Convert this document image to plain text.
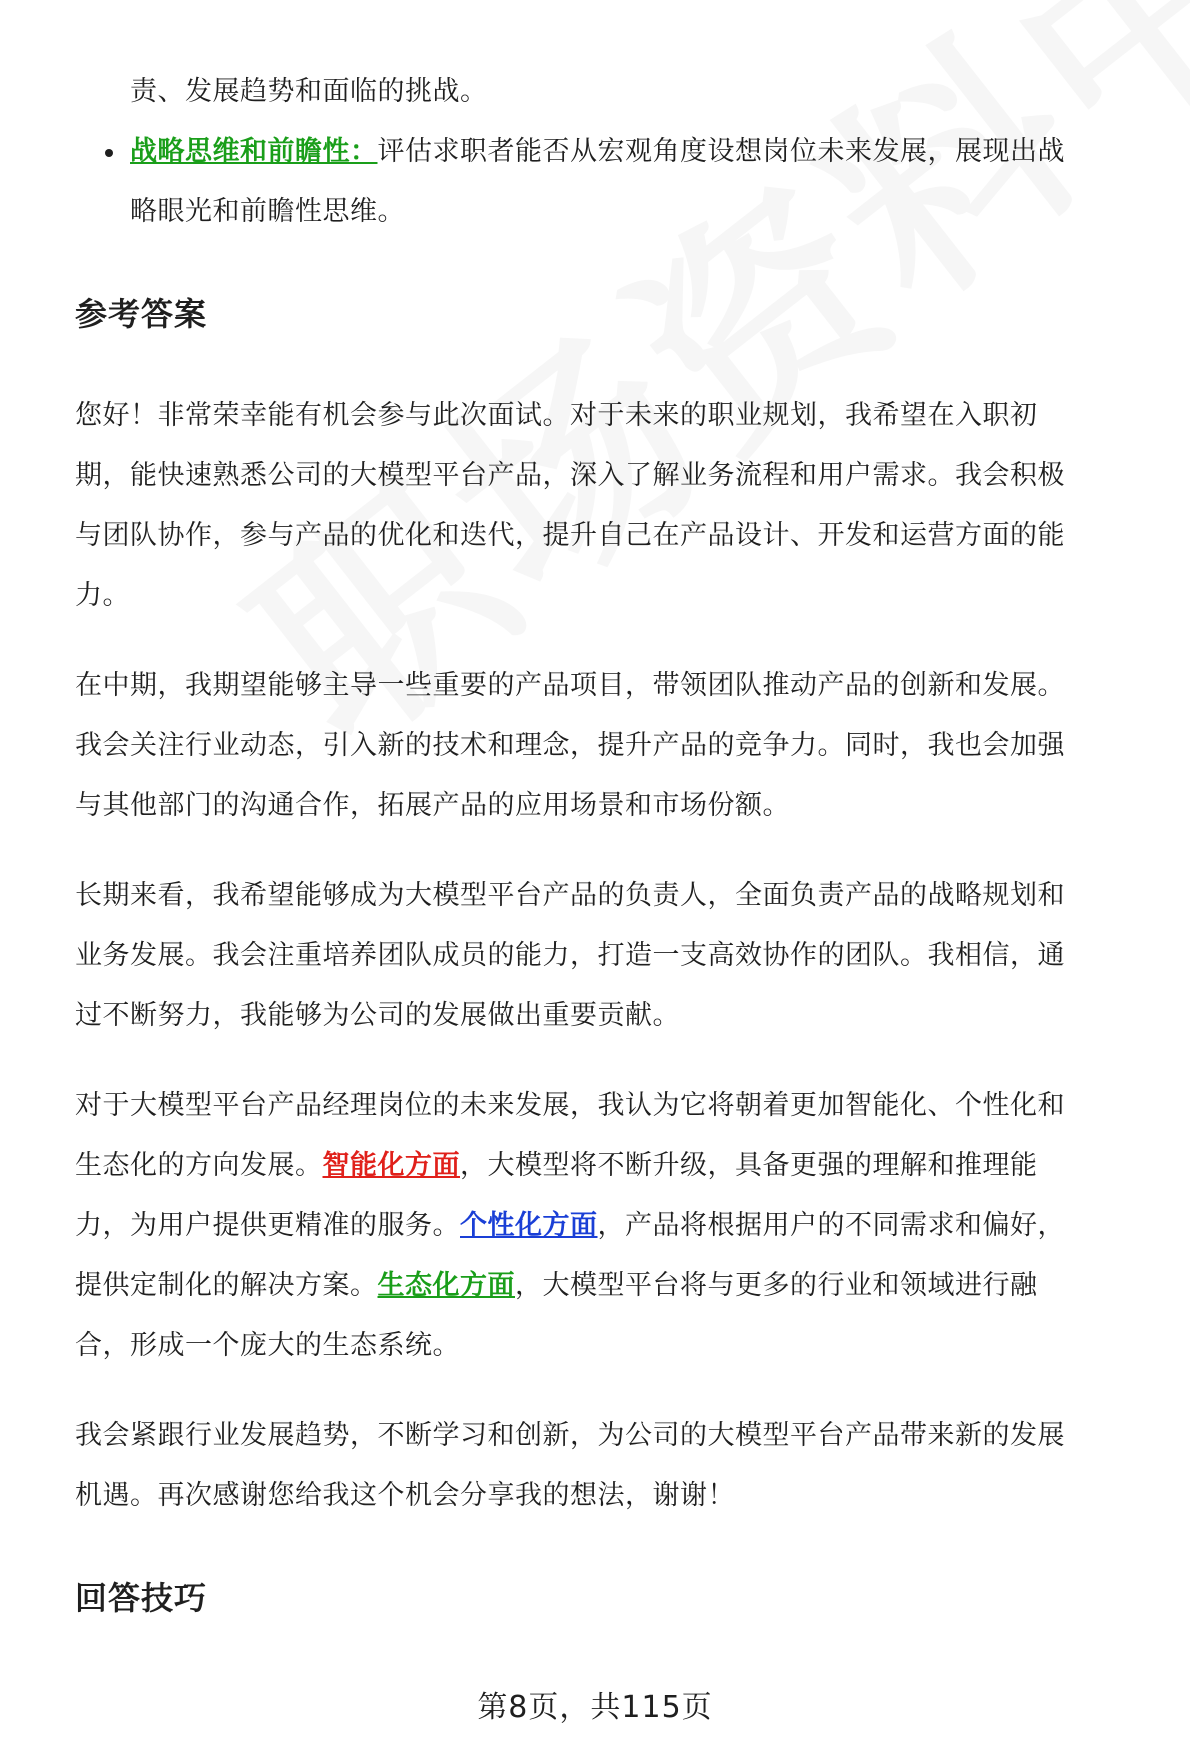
责、发展趋势和面临的挑战。

战略思维和前瞻性：评估求职者能否从宏观角度设想岗位未来发展，展现出战
略眼光和前瞻性思维。
参考答案

您好！非常荣幸能有机会参与此次面试。对于未来的职业规划，我希望在入职初

期，能快速熟悉公司的大模型平台产品，深入了解业务流程和用户需求。我会积极

与团队协作，参与产品的优化和迭代，提升自己在产品设计、开发和运营方面的能

力。

在中期，我期望能够主导一些重要的产品项目，带领团队推动产品的创新和发展。

我会关注行业动态，引入新的技术和理念，提升产品的竞争力。同时，我也会加强

与其他部门的沟通合作，拓展产品的应用场景和市场份额。

长期来看，我希望能够成为大模型平台产品的负责人，全面负责产品的战略规划和

业务发展。我会注重培养团队成员的能力，打造一支高效协作的团队。我相信，通

过不断努力，我能够为公司的发展做出重要贡献。

对于大模型平台产品经理岗位的未来发展，我认为它将朝着更加智能化、个性化和

生态化的方向发展。智能化方面，大模型将不断升级，具备更强的理解和推理能

力，为用户提供更精准的服务。个性化方面，产品将根据用户的不同需求和偏好，

提供定制化的解决方案。生态化方面，大模型平台将与更多的行业和领域进行融

合，形成一个庞大的生态系统。

我会紧跟行业发展趋势，不断学习和创新，为公司的大模型平台产品带来新的发展

机遇。再次感谢您给我这个机会分享我的想法，谢谢！

回答技巧
第8页，共115页
